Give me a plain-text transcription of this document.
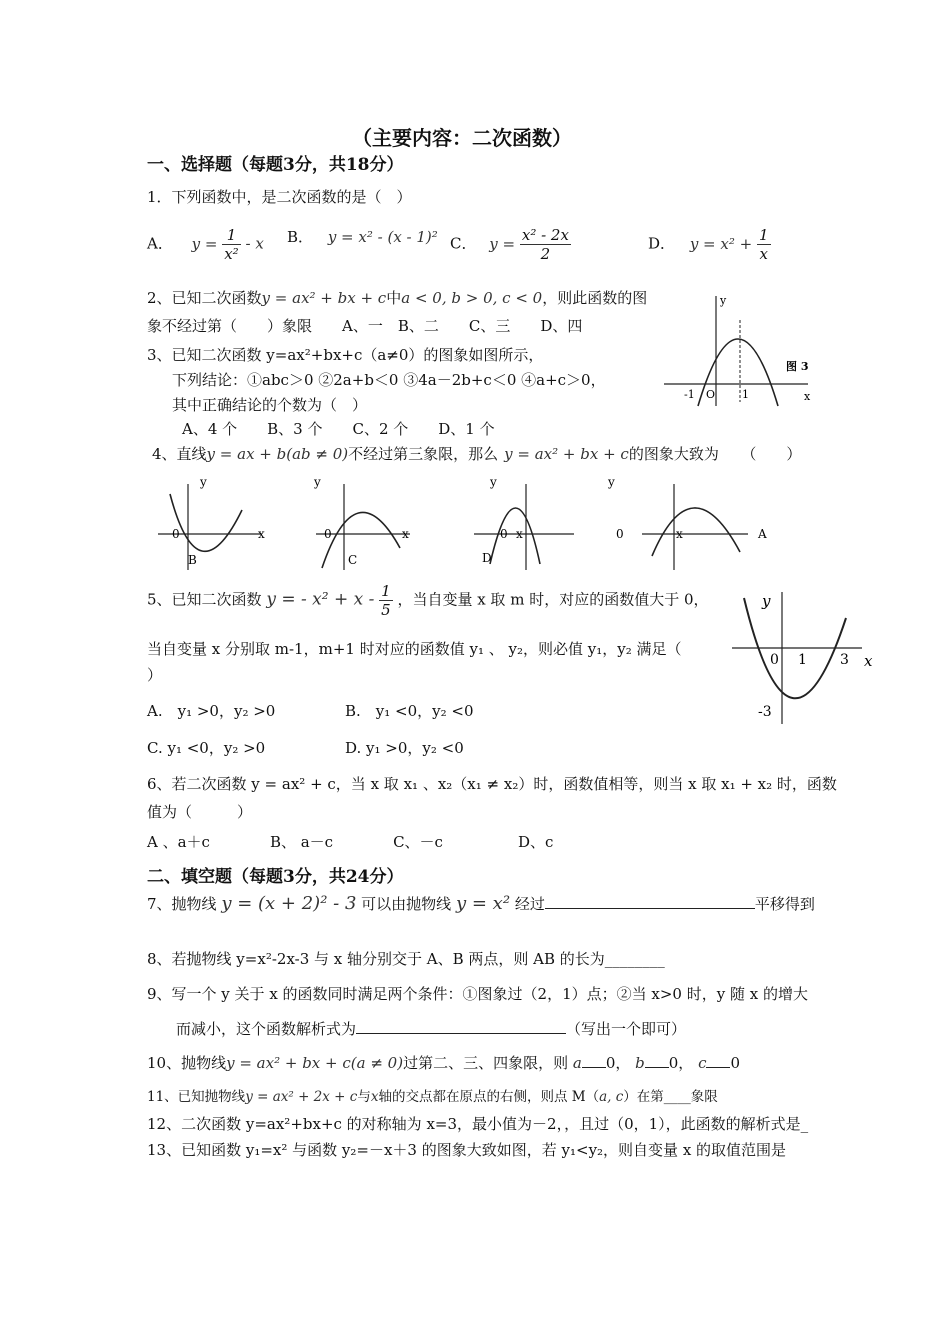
（主要内容：二次函数）
一、选择题（每题3分，共18分）
1．下列函数中，是二次函数的是（　）
A． $y = \frac{1}{\text{x²}} - x$ B． y = x² - (x - 1)² C． $y = \frac{\text{x² - 2x}}{2}$	D． $y = x^2 + \frac{1}{x}$
2、已知二次函数y = ax² + bx + c中a < 0, b > 0, c < 0，则此函数的图
象不经过第（　　）象限　　A、一　B、二　　C、三　　D、四
3、已知二次函数 y=ax²+bx+c（a≠0）的图象如图所示，
下列结论：①abc＞0 ②2a+b＜0 ③4a－2b+c＜0 ④a+c＞0，
其中正确结论的个数为（　）
A、4 个　　B、3 个　　C、2 个　　D、1 个
y
x
-1 O 1
图 3
4、直线y = ax + b(ab ≠ 0)不经过第三象限，那么 y = ax² + bx + c的图象大致为　　（　　）
y
x
0
B
y
x
0
C
y
x
0
D
y
x
0	A
5、已知二次函数 y = - $x^2 + x - \frac{1}{5}$ ，当自变量 x 取 m 时，对应的函数值大于 0，
当自变量 x 分别取 m-1，m+1 时对应的函数值 y₁ 、 y₂，则必值 y₁，y₂ 满足（
）
A.　y₁ >0，y₂ >0	B.　y₁ <0，y₂ <0
C. y₁ <0，y₂ >0	D. y₁ >0，y₂ <0
y
x
0 1 3
-3
6、若二次函数 y = ax² + c，当 x 取 x₁ 、x₂（x₁ ≠ x₂）时，函数值相等，则当 x 取 x₁ + x₂ 时，函数
值为（　　　）
A 、a＋c　　　　B、 a－c　　　　C、－c　　　　　D、c
二、填空题（每题3分，共24分）
7、抛物线 y = (x + 2)² - 3 可以由抛物线 y = x² 经过	平移得到
8、若抛物线 y=x²-2x-3 与 x 轴分别交于 A、B 两点，则 AB 的长为________
9、写一个 y 关于 x 的函数同时满足两个条件：①图象过（2，1）点；②当 x>0 时，y 随 x 的增大
而减小，这个函数解析式为	（写出一个即可）
10、抛物线y = ax² + bx + c(a ≠ 0)过第二、三、四象限，则 a 0， b 0， c 0
11、已知抛物线y = ax² + 2x + c与x轴的交点都在原点的右侧，则点 M（a, c）在第____象限
12、二次函数 y=ax²+bx+c 的对称轴为 x=3，最小值为－2，，且过（0，1），此函数的解析式是_
13、已知函数 y₁=x² 与函数 y₂=－x＋3 的图象大致如图，若 y₁<y₂，则自变量 x 的取值范围是
